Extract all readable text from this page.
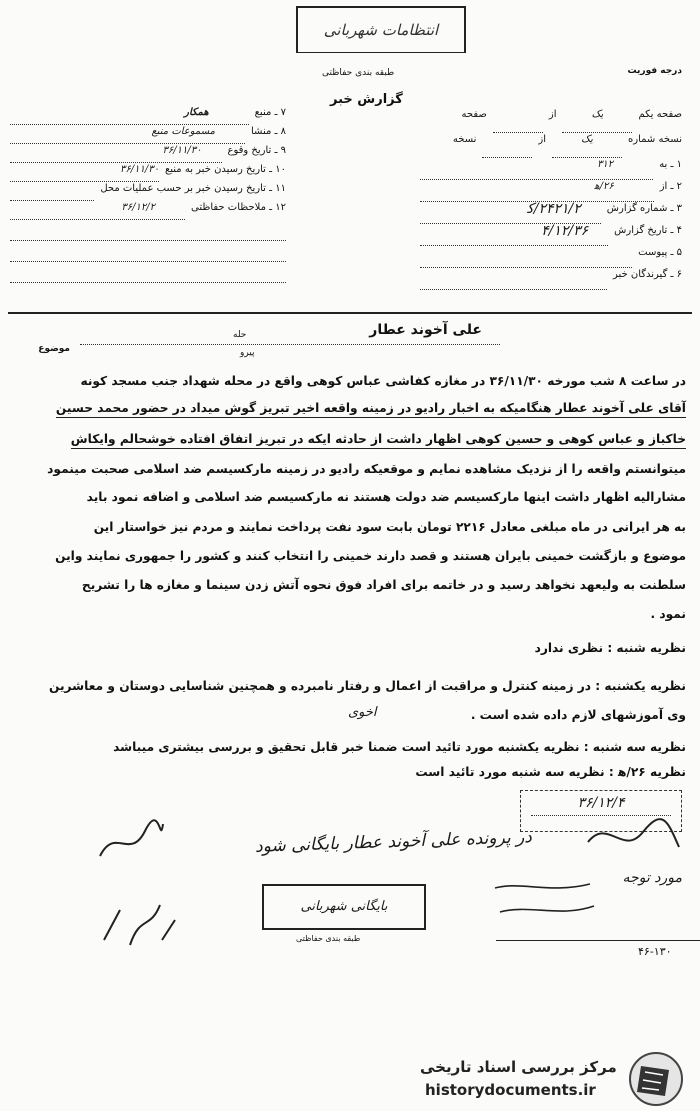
ﺍﻧﺘﻈﺎﻣﺎﺕ ﺷﻬﺮﺑﺎﻧﯽ
ﻃﺒﻘﻪ ﺑﻨﺪﯼ ﺣﻔﺎﻇﺘﯽ	ﺩﺭﺟﻪ ﻓﻮﺭﯾﺖ
ﮔﺰﺍﺭﺵ ﺧﺒﺮ
ﺻﻔﺤﻪ ﯾﮑﻢ
ﯾﮏ
ﺍﺯ
ﺻﻔﺤﻪ
ﻧﺴﺨﻪ ﺷﻤﺎﺭﻩ
ﯾﮏ
ﺍﺯ
ﻧﺴﺨﻪ
۱ ـ ﺑﻪ
۳۱۲
۲ ـ ﺍﺯ
۲۶/ﻫ
۳ ـ ﺷﻤﺎﺭﻩ ﮔﺰﺍﺭﺵ
۲۴۲۱/۲/ﮐ
۴ ـ ﺗﺎﺭﯾﺦ ﮔﺰﺍﺭﺵ
۴/۱۲/۳۶
۵ ـ ﭘﯿﻮﺳﺖ
۶ ـ ﮔﯿﺮﻧﺪﮔﺎﻥ ﺧﺒﺮ
۷ ـ ﻣﻨﺒﻊ
ﻫﻤﮑﺎﺭ
۸ ـ ﻣﻨﺸﺎ
ﻣﺴﻤﻮﻋﺎﺕ ﻣﻨﺒﻊ
۹ ـ ﺗﺎﺭﯾﺦ ﻭﻗﻮﻉ
۳۶/۱۱/۳۰
۱۰ ـ ﺗﺎﺭﯾﺦ ﺭﺳﯿﺪﻥ ﺧﺒﺮ ﺑﻪ ﻣﻨﺒﻊ
۳۶/۱۱/۳۰
۱۱ ـ ﺗﺎﺭﯾﺦ ﺭﺳﯿﺪﻥ ﺧﺒﺮ ﺑﺮ ﺣﺴﺐ ﻋﻤﻠﯿﺎﺕ ﻣﺤﻞ
۱۲ ـ ﻣﻼﺣﻈﺎﺕ ﺣﻔﺎﻇﺘﯽ
۳۶/۱۲/۲
ﻣﻮﺿﻮﻉ
ﻋﻠﯽ ﺁﺧﻮﻧﺪ ﻋﻄﺎﺭ
ﺣﻠﻪ
ﭘﯿﺮﻭ
ﺩﺭ ﺳﺎﻋﺖ ۸ ﺷﺐ ﻣﻮﺭﺧﻪ ۳۶/۱۱/۳۰ ﺩﺭ ﻣﻐﺎﺯﻩ ﮐﻔﺎﺷﯽ ﻋﺒﺎﺱ ﮐﻮﻫﯽ ﻭﺍﻗﻊ ﺩﺭ ﻣﺤﻠﻪ ﺷﻬﺪﺍﺩ ﺟﻨﺐ ﻣﺴﺠﺪ ﮐﻮﻧﻪ
ﺁﻗﺎﯼ ﻋﻠﯽ ﺁﺧﻮﻧﺪ ﻋﻄﺎﺭ ﻫﻨﮕﺎﻣﯿﮑﻪ ﺑﻪ ﺍﺧﺒﺎﺭ ﺭﺍﺩﯾﻮ ﺩﺭ ﺯﻣﯿﻨﻪ ﻭﺍﻗﻌﻪ ﺍﺧﯿﺮ ﺗﺒﺮﯾﺰ ﮔﻮﺵ ﻣﯿﺪﺍﺩ ﺩﺭ ﺣﻀﻮﺭ ﻣﺤﻤﺪ ﺣﺴﯿﻦ
ﺧﺎﮐﺒﺎﺯ ﻭ ﻋﺒﺎﺱ ﮐﻮﻫﯽ ﻭ ﺣﺴﯿﻦ ﮐﻮﻫﯽ ﺍﻇﻬﺎﺭ ﺩﺍﺷﺖ ﺍﺯ ﺣﺎﺩﺛﻪ ﺍﯾﮑﻪ ﺩﺭ ﺗﺒﺮﯾﺰ ﺍﺗﻔﺎﻕ ﺍﻓﺘﺎﺩﻩ ﺧﻮﺷﺤﺎﻟﻢ ﻭﺍﯾﮑﺎﺵ
ﻣﯿﺘﻮﺍﻧﺴﺘﻢ ﻭﺍﻗﻌﻪ ﺭﺍ ﺍﺯ ﻧﺰﺩﯾﮏ ﻣﺸﺎﻫﺪﻩ ﻧﻤﺎﯾﻢ ﻭ ﻣﻮﻗﻌﯿﮑﻪ ﺭﺍﺩﯾﻮ ﺩﺭ ﺯﻣﯿﻨﻪ ﻣﺎﺭﮐﺴﯿﺴﻢ ﺿﺪ ﺍﺳﻼﻣﯽ ﺻﺤﺒﺖ ﻣﯿﻨﻤﻮﺩ
ﻣﺸﺎﺭﺍﻟﯿﻪ ﺍﻇﻬﺎﺭ ﺩﺍﺷﺖ ﺍﯾﻨﻬﺎ ﻣﺎﺭﮐﺴﯿﺴﻢ ﺿﺪ ﺩﻭﻟﺖ ﻫﺴﺘﻨﺪ ﻧﻪ ﻣﺎﺭﮐﺴﯿﺴﻢ ﺿﺪ ﺍﺳﻼﻣﯽ ﻭ ﺍﺿﺎﻓﻪ ﻧﻤﻮﺩ ﺑﺎﯾﺪ
ﺑﻪ ﻫﺮ ﺍﯾﺮﺍﻧﯽ ﺩﺭ ﻣﺎﻩ ﻣﺒﻠﻐﯽ ﻣﻌﺎﺩﻝ ۲۲۱۶ ﺗﻮﻣﺎﻥ ﺑﺎﺑﺖ ﺳﻮﺩ ﻧﻔﺖ ﭘﺮﺩﺍﺧﺖ ﻧﻤﺎﯾﻨﺪ ﻭ ﻣﺮﺩﻡ ﻧﯿﺰ ﺧﻮﺍﺳﺘﺎﺭ ﺍﯾﻦ
ﻣﻮﺿﻮﻉ ﻭ ﺑﺎﺯﮔﺸﺖ ﺧﻤﯿﻨﯽ ﺑﺎﯾﺮﺍﻥ ﻫﺴﺘﻨﺪ ﻭ ﻗﺼﺪ ﺩﺍﺭﻧﺪ ﺧﻤﯿﻨﯽ ﺭﺍ ﺍﻧﺘﺨﺎﺏ ﮐﻨﻨﺪ ﻭ ﮐﺸﻮﺭ ﺭﺍ ﺟﻤﻬﻮﺭﯼ ﻧﻤﺎﯾﻨﺪ ﻭﺍﯾﻦ
ﺳﻠﻄﻨﺖ ﺑﻪ ﻭﻟﯿﻌﻬﺪ ﻧﺨﻮﺍﻫﺪ ﺭﺳﯿﺪ ﻭ ﺩﺭ ﺧﺎﺗﻤﻪ ﺑﺮﺍﯼ ﺍﻓﺮﺍﺩ ﻓﻮﻕ ﻧﺤﻮﻩ ﺁﺗﺶ ﺯﺩﻥ ﺳﯿﻨﻤﺎ ﻭ ﻣﻐﺎﺯﻩ ﻫﺎ ﺭﺍ ﺗﺸﺮﯾﺢ
ﻧﻤﻮﺩ .
ﻧﻈﺮﯾﻪ ﺷﻨﺒﻪ : ﻧﻈﺮﯼ ﻧﺪﺍﺭﺩ
ﻧﻈﺮﯾﻪ ﯾﮑﺸﻨﺒﻪ : ﺩﺭ ﺯﻣﯿﻨﻪ ﮐﻨﺘﺮﻝ ﻭ ﻣﺮﺍﻗﺒﺖ ﺍﺯ ﺍﻋﻤﺎﻝ ﻭ ﺭﻓﺘﺎﺭ ﻧﺎﻣﺒﺮﺩﻩ ﻭ ﻫﻤﭽﻨﯿﻦ ﺷﻨﺎﺳﺎﯾﯽ ﺩﻭﺳﺘﺎﻥ ﻭ ﻣﻌﺎﺷﺮﯾﻦ
ﻭﯼ ﺁﻣﻮﺯﺷﻬﺎﯼ ﻻﺯﻡ ﺩﺍﺩﻩ ﺷﺪﻩ ﺍﺳﺖ .
ﺍﺧﻮﯼ
ﻧﻈﺮﯾﻪ ﺳﻪ ﺷﻨﺒﻪ : ﻧﻈﺮﯾﻪ ﯾﮑﺸﻨﺒﻪ ﻣﻮﺭﺩ ﺗﺎﺋﯿﺪ ﺍﺳﺖ ﺿﻤﻨﺎ ﺧﺒﺮ ﻗﺎﺑﻞ ﺗﺤﻘﯿﻖ ﻭ ﺑﺮﺭﺳﯽ ﺑﯿﺸﺘﺮﯼ ﻣﯿﺒﺎﺷﺪ
ﻧﻈﺮﯾﻪ ۲۶/ﻫ : ﻧﻈﺮﯾﻪ ﺳﻪ ﺷﻨﺒﻪ ﻣﻮﺭﺩ ﺗﺎﺋﯿﺪ ﺍﺳﺖ
۳۶/۱۲/۴
ﺩﺭ ﭘﺮﻭﻧﺪﻩ ﻋﻠﯽ ﺁﺧﻮﻧﺪ ﻋﻄﺎﺭ ﺑﺎﯾﮕﺎﻧﯽ ﺷﻮﺩ
ﻣﻮﺭﺩ ﺗﻮﺟﻪ
ﺑﺎﯾﮕﺎﻧﯽ ﺷﻬﺮﺑﺎﻧﯽ
ﻃﺒﻘﻪ ﺑﻨﺪﯼ ﺣﻔﺎﻇﺘﯽ
۴۶-۱۳۰
ﻣﺮﮐﺰ ﺑﺮﺭﺳﯽ ﺍﺳﻨﺎﺩ ﺗﺎﺭﯾﺨﯽ
historydocuments.ir
